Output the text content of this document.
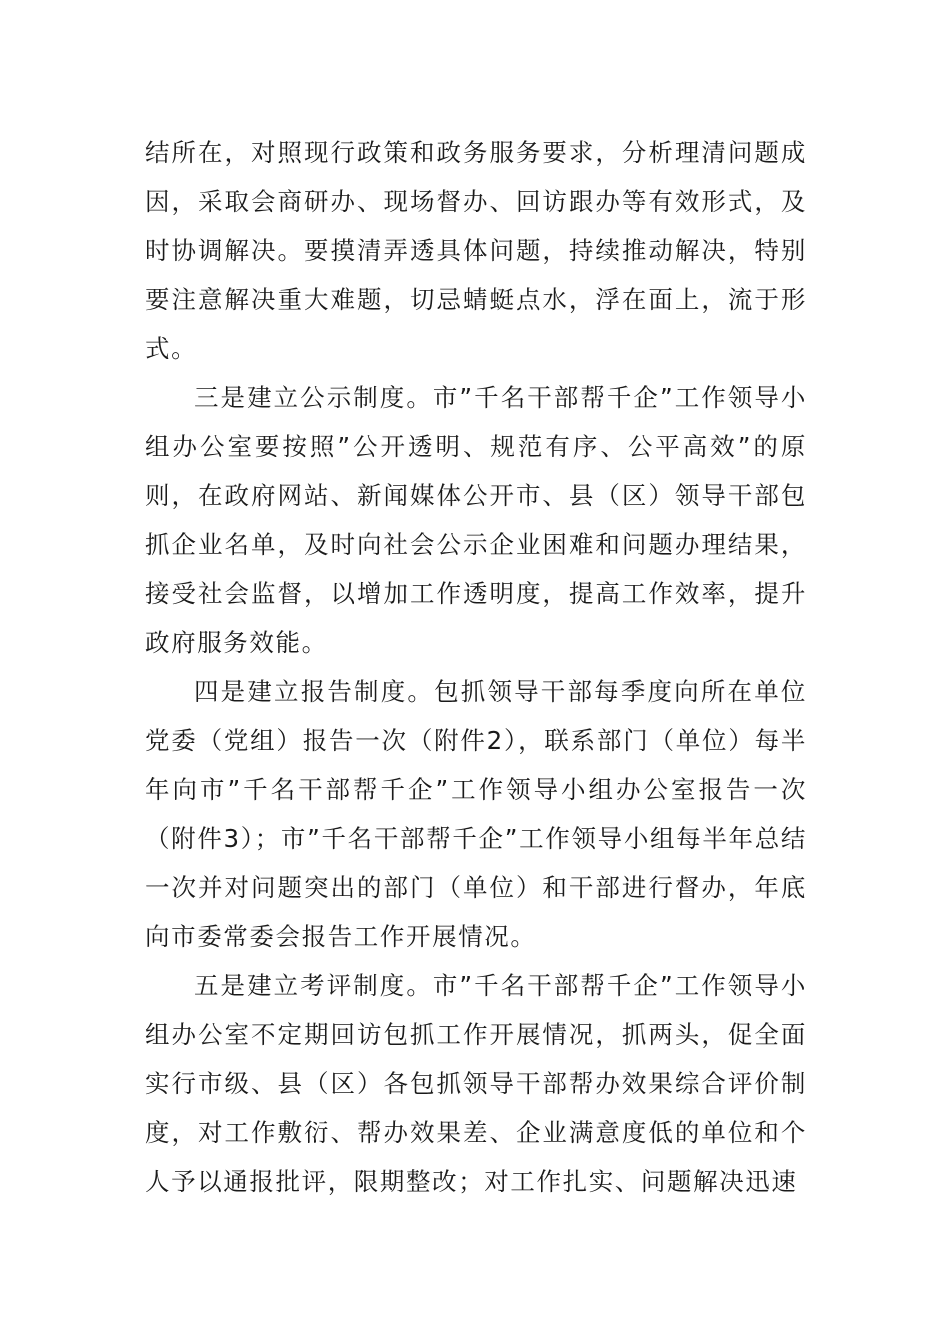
结所在，对照现行政策和政务服务要求，分析理清问题成因，采取会商研办、现场督办、回访跟办等有效形式，及时协调解决。要摸清弄透具体问题，持续推动解决，特别要注意解决重大难题，切忌蜻蜓点水，浮在面上，流于形式。

三是建立公示制度。市”千名干部帮千企”工作领导小组办公室要按照”公开透明、规范有序、公平高效”的原则，在政府网站、新闻媒体公开市、县（区）领导干部包抓企业名单，及时向社会公示企业困难和问题办理结果，接受社会监督，以增加工作透明度，提高工作效率，提升政府服务效能。

四是建立报告制度。包抓领导干部每季度向所在单位党委（党组）报告一次（附件2），联系部门（单位）每半年向市”千名干部帮千企”工作领导小组办公室报告一次（附件3）；市”千名干部帮千企”工作领导小组每半年总结一次并对问题突出的部门（单位）和干部进行督办，年底向市委常委会报告工作开展情况。

五是建立考评制度。市”千名干部帮千企”工作领导小组办公室不定期回访包抓工作开展情况，抓两头，促全面实行市级、县（区）各包抓领导干部帮办效果综合评价制度，对工作敷衍、帮办效果差、企业满意度低的单位和个人予以通报批评，限期整改；对工作扎实、问题解决迅速
